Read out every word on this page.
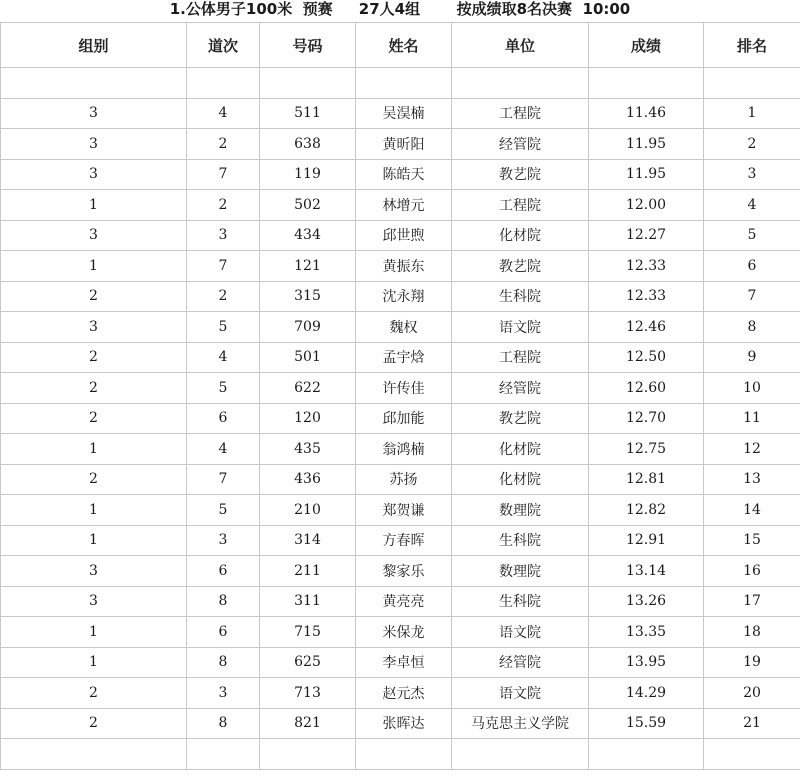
1.公体男子100米  预赛     27人4组       按成绩取8名决赛  10:00
组别	道次	号码	姓名	单位	成绩	排名

3	4	511	吴淏楠	工程院	11.46	1
3	2	638	黄昕阳	经管院	11.95	2
3	7	119	陈皓天	教艺院	11.95	3
1	2	502	林增元	工程院	12.00	4
3	3	434	邱世煦	化材院	12.27	5
1	7	121	黄振东	教艺院	12.33	6
2	2	315	沈永翔	生科院	12.33	7
3	5	709	魏权	语文院	12.46	8
2	4	501	孟宇焓	工程院	12.50	9
2	5	622	许传佳	经管院	12.60	10
2	6	120	邱加能	教艺院	12.70	11
1	4	435	翁鸿楠	化材院	12.75	12
2	7	436	苏扬	化材院	12.81	13
1	5	210	郑贺谦	数理院	12.82	14
1	3	314	方春晖	生科院	12.91	15
3	6	211	黎家乐	数理院	13.14	16
3	8	311	黄亮亮	生科院	13.26	17
1	6	715	米保龙	语文院	13.35	18
1	8	625	李卓恒	经管院	13.95	19
2	3	713	赵元杰	语文院	14.29	20
2	8	821	张晖达	马克思主义学院	15.59	21
